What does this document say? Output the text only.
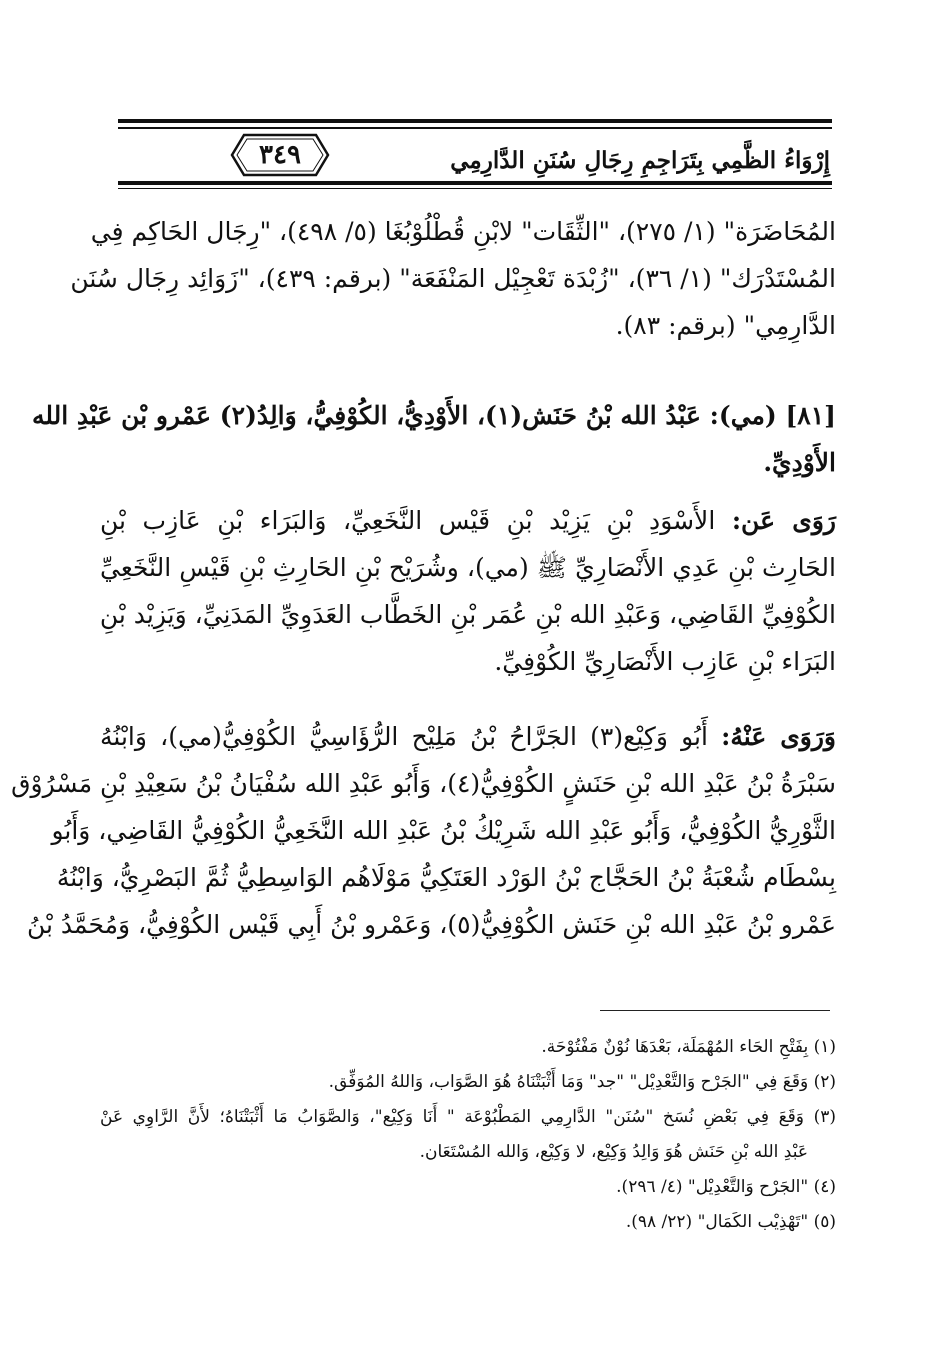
إِرْوَاءُ الظَّمِي بِتَرَاجِمِ رِجَالِ سُنَنِ الدَّارِمِي
٣٤٩
المُحَاضَرَة" (١/ ٢٧٥)، "الثِّقَات" لابْنِ قُطْلُوْبُغَا (٥/ ٤٩٨)، "رِجَال الحَاكِم فِي
المُسْتَدْرَك" (١/ ٣٦)، "زُبْدَة تَعْجِيْل المَنْفَعَة" (برقم: ٤٣٩)، "زَوَائِد رِجَال سُنَن
الدَّارِمِي" (برقم: ٨٣).
[٨١] (مي): عَبْدُ الله بْنُ حَنَش(١)، الأَوْدِيُّ، الكُوْفِيُّ، وَالِدُ(٢) عَمْرو بْن عَبْدِ الله
الأَوْدِيِّ.
رَوَى عَن: الأَسْوَدِ بْنِ يَزِيْد بْنِ قَيْس النَّخَعِيِّ، وَالبَرَاء بْنِ عَازِب بْنِ
الحَارِث بْنِ عَدِي الأَنْصَارِيِّ ﷺ (مي)، وشُرَيْح بْنِ الحَارِثِ بْنِ قَيْسِ النَّخَعِيِّ
الكُوْفِيِّ القَاضِي، وَعَبْدِ الله بْنِ عُمَر بْنِ الخَطَّاب العَدَوِيِّ المَدَنِيِّ، وَيَزِيْد بْنِ
البَرَاء بْنِ عَازِب الأَنْصَارِيِّ الكُوْفِيِّ.
وَرَوَى عَنْهُ: أَبُو وَكِيْع(٣) الجَرَّاحُ بْنُ مَلِيْح الرُّؤَاسِيُّ الكُوْفِيُّ(مي)، وَابْنُهُ
سَبْرَةُ بْنُ عَبْدِ الله بْنِ حَنَشٍ الكُوْفِيُّ(٤)، وَأَبُو عَبْدِ الله سُفْيَانُ بْنُ سَعِيْدِ بْنِ مَسْرُوْق
الثَّوْرِيُّ الكُوْفِيُّ، وَأَبُو عَبْدِ الله شَرِيْكُ بْنُ عَبْدِ الله النَّخَعِيُّ الكُوْفِيُّ القَاضِي، وَأَبُو
بِسْطَام شُعْبَةُ بْنُ الحَجَّاج بْنُ الوَرْد العَتَكِيُّ مَوْلَاهُم الوَاسِطِيُّ ثُمَّ البَصْرِيُّ، وَابْنُهُ
عَمْرو بْنُ عَبْدِ الله بْنِ حَنَش الكُوْفِيُّ(٥)، وَعَمْرو بْنُ أَبِي قَيْس الكُوْفِيُّ، وَمُحَمَّدُ بْنُ
(١) بِفَتْحِ الحَاء المُهْمَلَة، بَعْدَهَا نُوْنٌ مَفْتُوْحَة.
(٢) وَقَعَ فِي "الجَرْح وَالتَّعْدِيْل" "جد" وَمَا أَثْبَتْنَاهُ هُوَ الصَّوَاب، وَاللهُ المُوَفِّق.
(٣) وَقَعَ فِي بَعْضِ نُسَخ "سُنَن" الدَّارِمِي المَطْبُوْعَة " أَنَا وَكِيْع"، وَالصَّوَابُ مَا أَثْبَتْنَاهُ؛ لأَنَّ الرَّاوِي عَنْ
عَبْدِ الله بْنِ حَنَش هُوَ وَالِدُ وَكِيْع، لا وَكِيْع، وَالله المُسْتَعَان.
(٤) "الجَرْح وَالتَّعْدِيْل" (٤/ ٢٩٦).
(٥) "تَهْذِيْب الكَمَال" (٢٢/ ٩٨).
